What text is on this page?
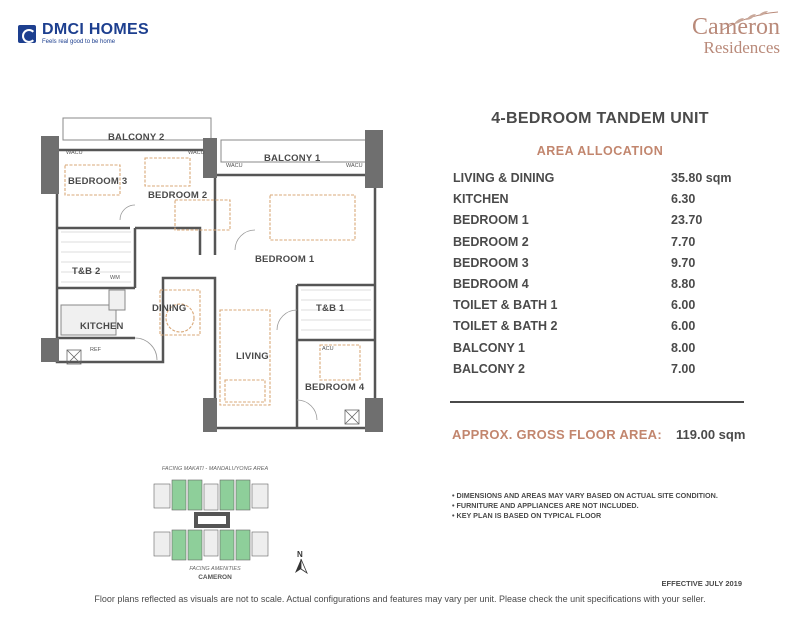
DMCI HOMES
Feels real good to be home
Cameron
Residences
BALCONY 2
BALCONY 1
BEDROOM 3
BEDROOM 2
BEDROOM 1
T&B 2
DINING	T&B 1
KITCHEN
LIVING
BEDROOM 4
WACU	WACU
WACU	WACU
WM
REF	ACU
FACING MAKATI - MANDALUYONG AREA
FACING AMENITIES
CAMERON
N
4-BEDROOM TANDEM UNIT
AREA ALLOCATION
LIVING & DINING	35.80 sqm
KITCHEN	6.30
BEDROOM 1	23.70
BEDROOM 2	7.70
BEDROOM 3	9.70
BEDROOM 4	8.80
TOILET & BATH 1	6.00
TOILET & BATH 2	6.00
BALCONY 1	8.00
BALCONY 2	7.00
APPROX. GROSS FLOOR AREA: 119.00 sqm
• DIMENSIONS AND AREAS MAY VARY BASED ON ACTUAL SITE CONDITION.
• FURNITURE AND APPLIANCES ARE NOT INCLUDED.
• KEY PLAN IS BASED ON TYPICAL FLOOR
EFFECTIVE JULY 2019
Floor plans reflected as visuals are not to scale. Actual configurations and features may vary per unit. Please check the unit specifications with your seller.
